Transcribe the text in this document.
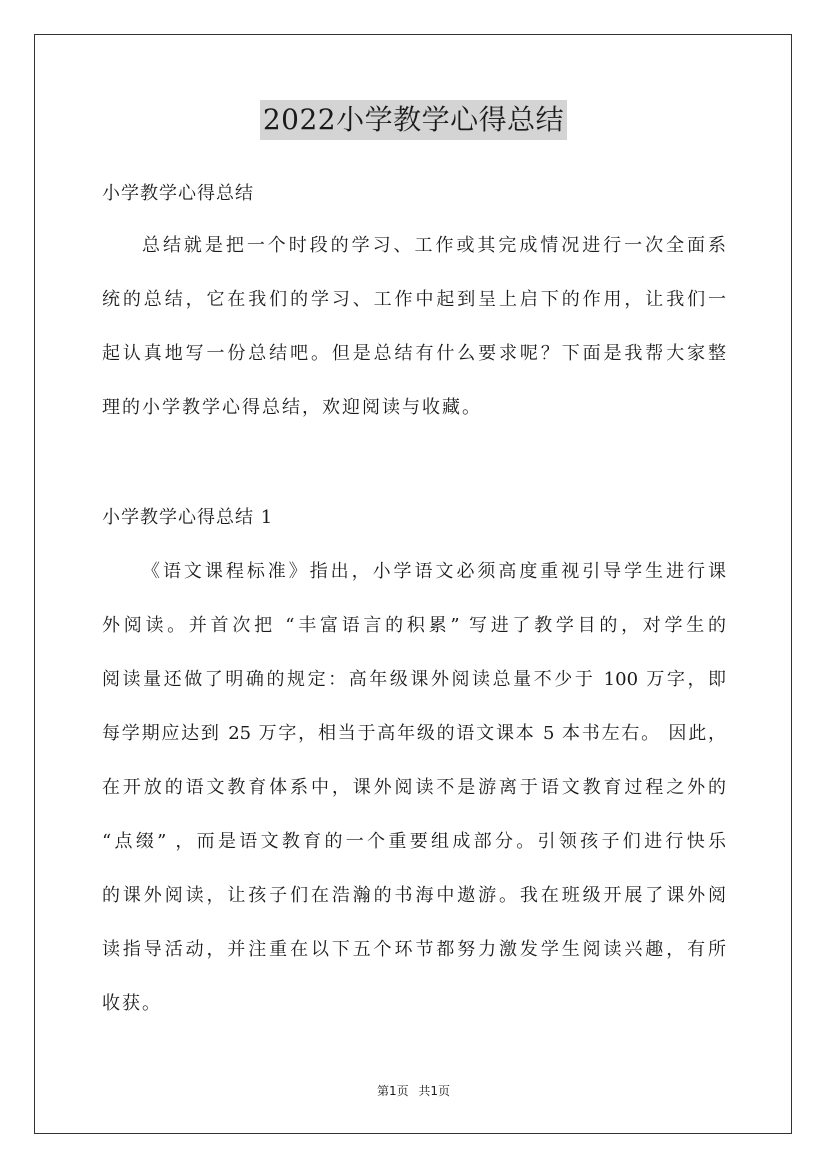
2022小学教学心得总结
小学教学心得总结
总结就是把一个时段的学习、工作或其完成情况进行一次全面系
统的总结，它在我们的学习、工作中起到呈上启下的作用，让我们一
起认真地写一份总结吧。但是总结有什么要求呢？下面是我帮大家整
理的小学教学心得总结，欢迎阅读与收藏。
小学教学心得总结 1
《语文课程标准》指出，小学语文必须高度重视引导学生进行课
外阅读。并首次把 “丰富语言的积累” 写进了教学目的，对学生的
阅读量还做了明确的规定：高年级课外阅读总量不少于 100 万字，即
每学期应达到 25 万字，相当于高年级的语文课本 5 本书左右。 因此，
在开放的语文教育体系中，课外阅读不是游离于语文教育过程之外的
“点缀” ，而是语文教育的一个重要组成部分。引领孩子们进行快乐
的课外阅读，让孩子们在浩瀚的书海中遨游。我在班级开展了课外阅
读指导活动，并注重在以下五个环节都努力激发学生阅读兴趣，有所
收获。
第1页 共1页
